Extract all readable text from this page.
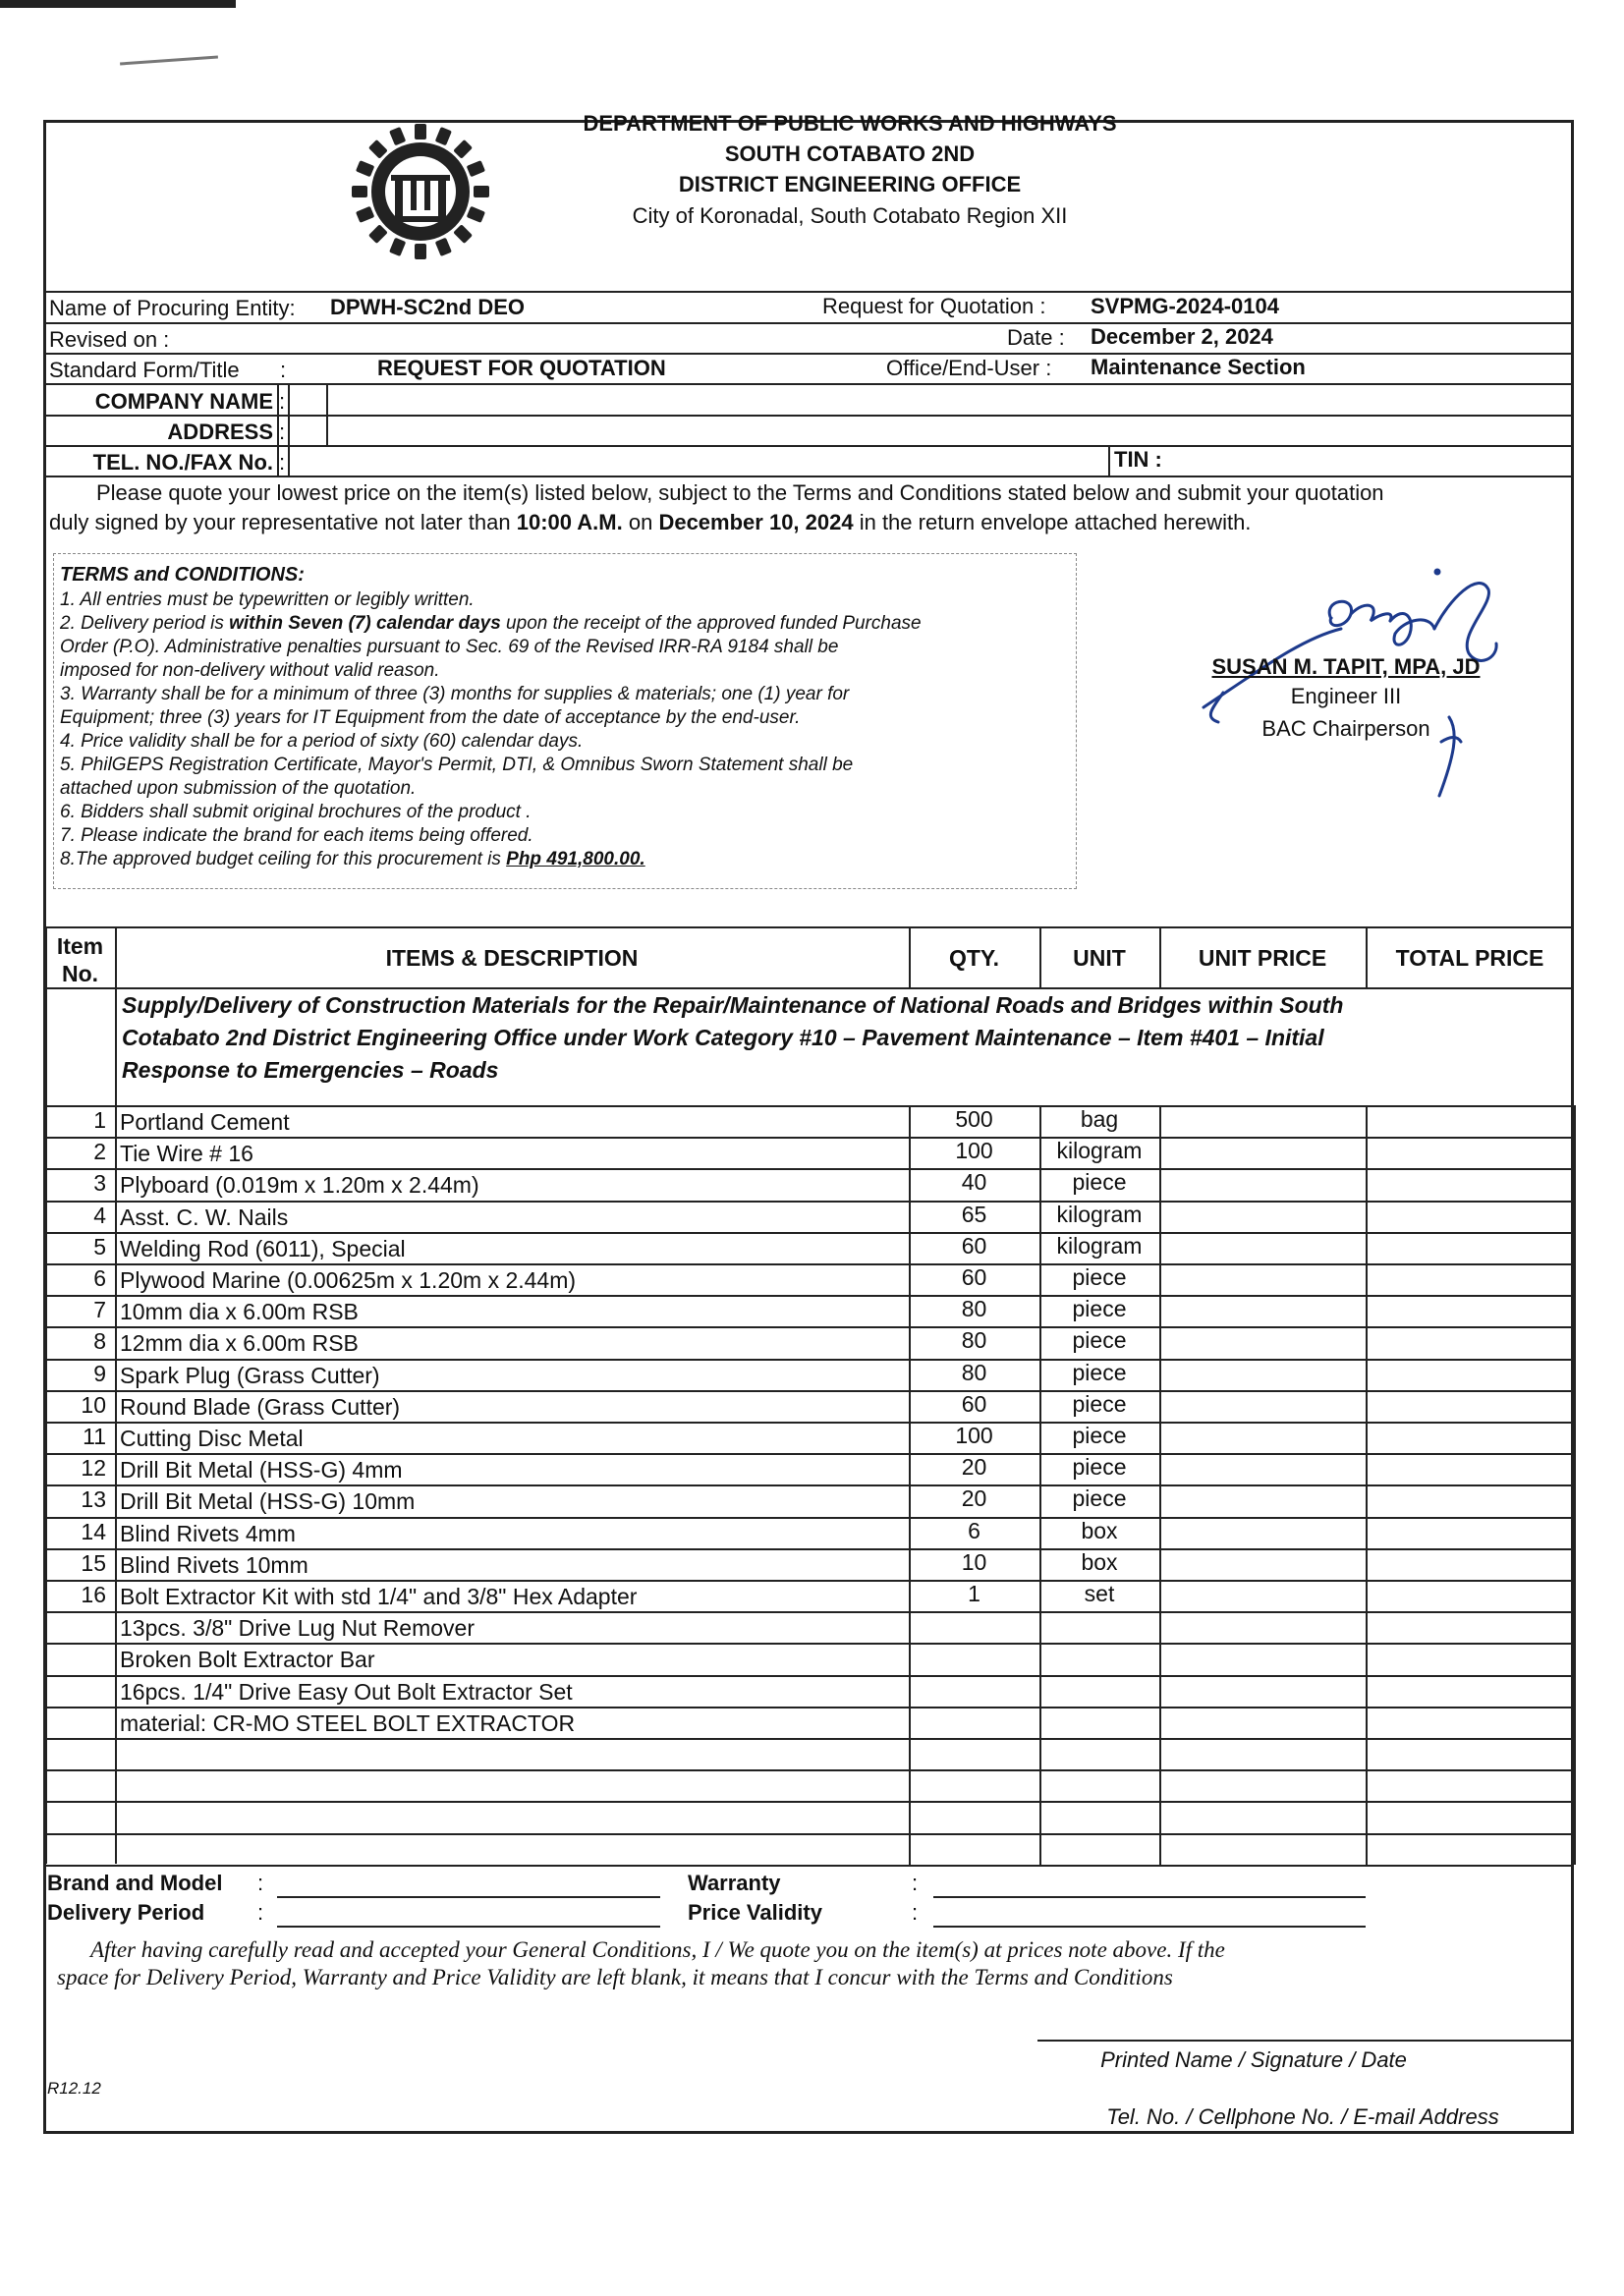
DEPARTMENT OF PUBLIC WORKS AND HIGHWAYS
SOUTH COTABATO 2ND
DISTRICT ENGINEERING OFFICE
City of Koronadal, South Cotabato Region XII
Name of Procuring Entity: DPWH-SC2nd DEO	Request for Quotation : SVPMG-2024-0104
Revised on :	Date : December 2, 2024
Standard Form/Title :	REQUEST FOR QUOTATION	Office/End-User : Maintenance Section
COMPANY NAME :
ADDRESS :
TEL. NO./FAX No. :	TIN :
Please quote your lowest price on the item(s) listed below, subject to the Terms and Conditions stated below and submit your quotation
duly signed by your representative not later than 10:00 A.M. on December 10, 2024 in the return envelope attached herewith.
TERMS and CONDITIONS:
1. All entries must be typewritten or legibly written.
2. Delivery period is within Seven (7) calendar days upon the receipt of the approved funded Purchase
Order (P.O). Administrative penalties pursuant to Sec. 69 of the Revised IRR-RA 9184 shall be
imposed for non-delivery without valid reason.
3. Warranty shall be for a minimum of three (3) months for supplies & materials; one (1) year for
Equipment; three (3) years for IT Equipment from the date of acceptance by the end-user.
4. Price validity shall be for a period of sixty (60) calendar days.
5. PhilGEPS Registration Certificate, Mayor's Permit, DTI, & Omnibus Sworn Statement shall be
attached upon submission of the quotation.
6. Bidders shall submit original brochures of the product .
7. Please indicate the brand for each items being offered.
8.The approved budget ceiling for this procurement is Php 491,800.00.
SUSAN M. TAPIT, MPA, JD
Engineer III
BAC Chairperson
Item
No.
ITEMS & DESCRIPTION	QTY.	UNIT	UNIT PRICE	TOTAL PRICE
Supply/Delivery of Construction Materials for the Repair/Maintenance of National Roads and Bridges within South
Cotabato 2nd District Engineering Office under Work Category #10 – Pavement Maintenance – Item #401 – Initial
Response to Emergencies – Roads
1 Portland Cement	500	bag
2 Tie Wire # 16	100	kilogram
3 Plyboard (0.019m x 1.20m x 2.44m)	40	piece
4 Asst. C. W. Nails	65	kilogram
5 Welding Rod (6011), Special	60	kilogram
6 Plywood Marine (0.00625m x 1.20m x 2.44m)	60	piece
7 10mm dia x 6.00m RSB	80	piece
8 12mm dia x 6.00m RSB	80	piece
9 Spark Plug (Grass Cutter)	80	piece
10 Round Blade (Grass Cutter)	60	piece
11 Cutting Disc Metal	100	piece
12 Drill Bit Metal (HSS-G) 4mm	20	piece
13 Drill Bit Metal (HSS-G) 10mm	20	piece
14 Blind Rivets 4mm	6	box
15 Blind Rivets 10mm	10	box
16 Bolt Extractor Kit with std 1/4" and 3/8" Hex Adapter	1	set
13pcs. 3/8" Drive Lug Nut Remover
Broken Bolt Extractor Bar
16pcs. 1/4" Drive Easy Out Bolt Extractor Set
material: CR-MO STEEL BOLT EXTRACTOR
Brand and Model :
Delivery Period :
Warranty	:
Price Validity	:
After having carefully read and accepted your General Conditions, I / We quote you on the item(s) at prices note above. If the
space for Delivery Period, Warranty and Price Validity are left blank, it means that I concur with the Terms and Conditions
Printed Name / Signature / Date
R12.12
Tel. No. / Cellphone No. / E-mail Address
